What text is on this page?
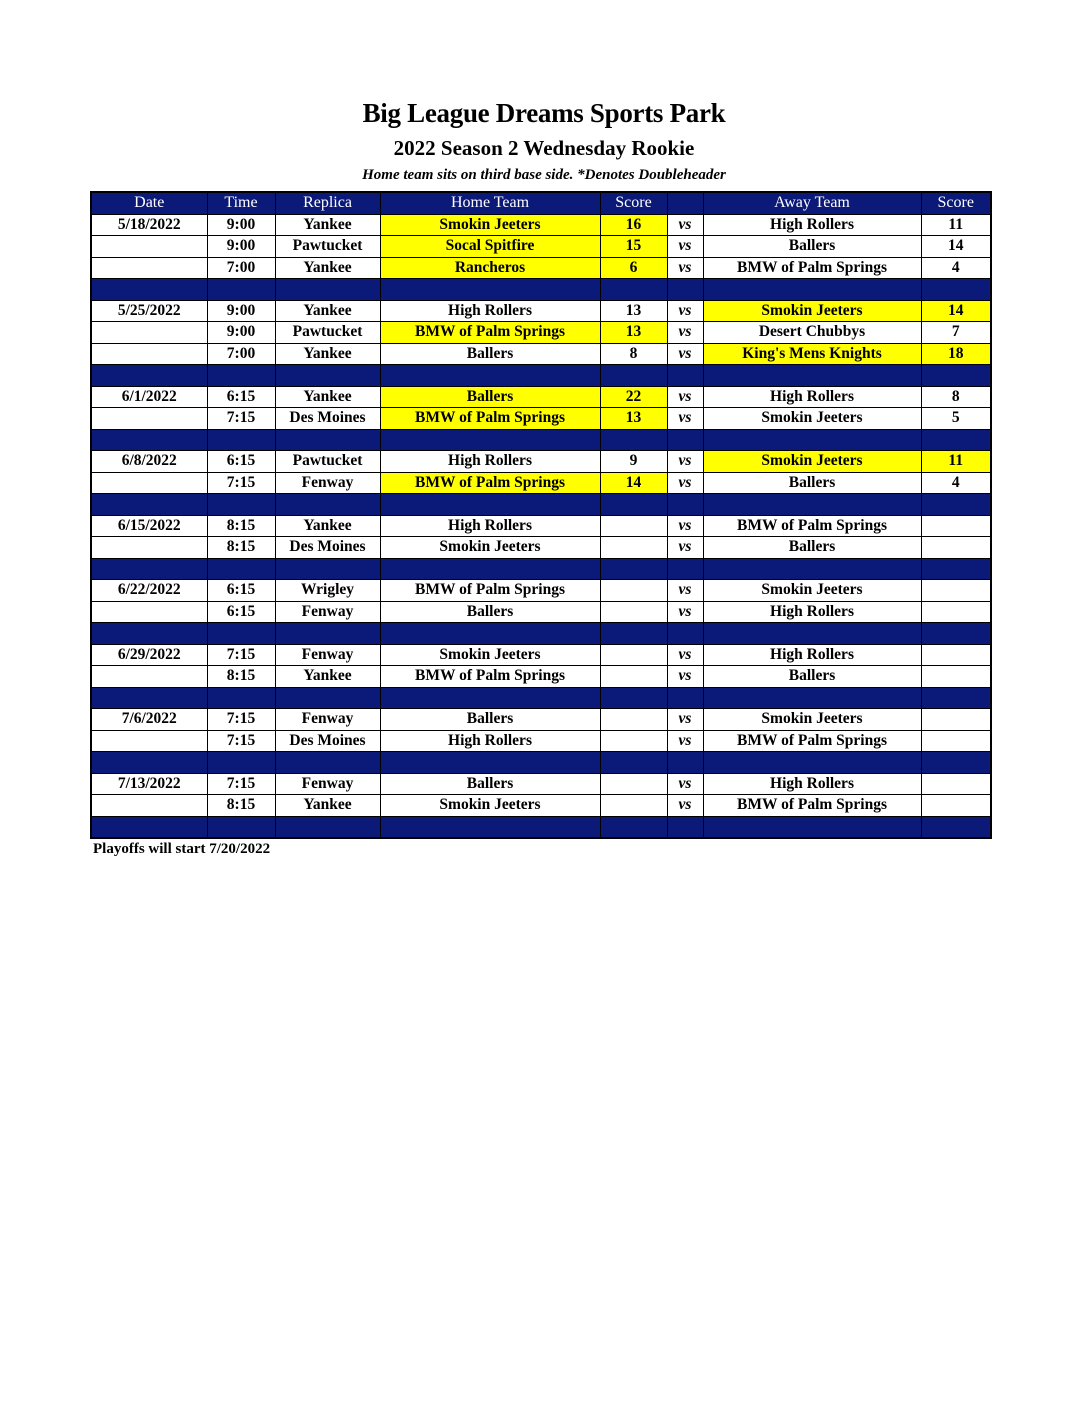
Big League Dreams Sports Park
2022 Season 2 Wednesday Rookie
Home team sits on third base side. *Denotes Doubleheader
Date	Time	Replica	Home Team	Score		Away Team	Score
5/18/2022	9:00	Yankee	Smokin Jeeters	16	vs	High Rollers	11
	9:00	Pawtucket	Socal Spitfire	15	vs	Ballers	14
	7:00	Yankee	Rancheros	6	vs	BMW of Palm Springs	4

5/25/2022	9:00	Yankee	High Rollers	13	vs	Smokin Jeeters	14
	9:00	Pawtucket	BMW of Palm Springs	13	vs	Desert Chubbys	7
	7:00	Yankee	Ballers	8	vs	King's Mens Knights	18

6/1/2022	6:15	Yankee	Ballers	22	vs	High Rollers	8
	7:15	Des Moines	BMW of Palm Springs	13	vs	Smokin Jeeters	5

6/8/2022	6:15	Pawtucket	High Rollers	9	vs	Smokin Jeeters	11
	7:15	Fenway	BMW of Palm Springs	14	vs	Ballers	4

6/15/2022	8:15	Yankee	High Rollers		vs	BMW of Palm Springs	
	8:15	Des Moines	Smokin Jeeters		vs	Ballers	

6/22/2022	6:15	Wrigley	BMW of Palm Springs		vs	Smokin Jeeters	
	6:15	Fenway	Ballers		vs	High Rollers	

6/29/2022	7:15	Fenway	Smokin Jeeters		vs	High Rollers	
	8:15	Yankee	BMW of Palm Springs		vs	Ballers	

7/6/2022	7:15	Fenway	Ballers		vs	Smokin Jeeters	
	7:15	Des Moines	High Rollers		vs	BMW of Palm Springs	

7/13/2022	7:15	Fenway	Ballers		vs	High Rollers	
	8:15	Yankee	Smokin Jeeters		vs	BMW of Palm Springs	

Playoffs will start 7/20/2022
